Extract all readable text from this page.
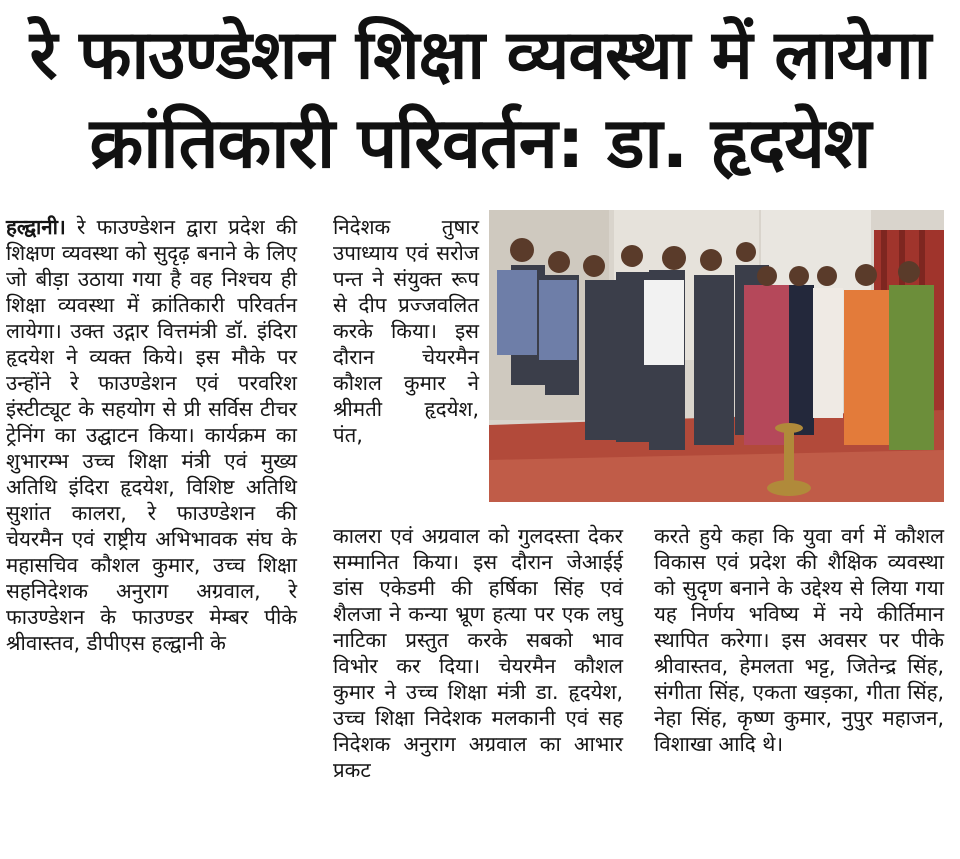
रे फाउण्डेशन शिक्षा व्यवस्था में लायेगा
क्रांतिकारी परिवर्तन: डा. हृदयेश

हल्द्वानी। रे फाउण्डेशन द्वारा प्रदेश की शिक्षण व्यवस्था को सुदृढ़ बनाने के लिए जो बीड़ा उठाया गया है वह निश्चय ही शिक्षा व्यवस्था में क्रांतिकारी परिवर्तन लायेगा। उक्त उद्गार वित्तमंत्री डॉ. इंदिरा हृदयेश ने व्यक्त किये। इस मौके पर उन्होंने रे फाउण्डेशन एवं परवरिश इंस्टीट्यूट के सहयोग से प्री सर्विस टीचर ट्रेनिंग का उद्घाटन किया। कार्यक्रम का शुभारम्भ उच्च शिक्षा मंत्री एवं मुख्य अतिथि इंदिरा हृदयेश, विशिष्ट अतिथि सुशांत कालरा, रे फाउण्डेशन की चेयरमैन एवं राष्ट्रीय अभिभावक संघ के महासचिव कौशल कुमार, उच्च शिक्षा सहनिदेशक अनुराग अग्रवाल, रे फाउण्डेशन के फाउण्डर मेम्बर पीके श्रीवास्तव, डीपीएस हल्द्वानी के

निदेशक तुषार उपाध्याय एवं सरोज पन्त ने संयुक्त रूप से दीप प्रज्जवलित करके किया। इस दौरान चेयरमैन कौशल कुमार ने श्रीमती हृदयेश, पंत,

कालरा एवं अग्रवाल को गुलदस्ता देकर सम्मानित किया। इस दौरान जेआईई डांस एकेडमी की हर्षिका सिंह एवं शैलजा ने कन्या भ्रूण हत्या पर एक लघु नाटिका प्रस्तुत करके सबको भाव विभोर कर दिया। चेयरमैन कौशल कुमार ने उच्च शिक्षा मंत्री डा. हृदयेश, उच्च शिक्षा निदेशक मलकानी एवं सह निदेशक अनुराग अग्रवाल का आभार प्रकट

करते हुये कहा कि युवा वर्ग में कौशल विकास एवं प्रदेश की शैक्षिक व्यवस्था को सुदृण बनाने के उद्देश्य से लिया गया यह निर्णय भविष्य में नये कीर्तिमान स्थापित करेगा। इस अवसर पर पीके श्रीवास्तव, हेमलता भट्ट, जितेन्द्र सिंह, संगीता सिंह, एकता खड़का, गीता सिंह, नेहा सिंह, कृष्ण कुमार, नुपुर महाजन, विशाखा आदि थे।
